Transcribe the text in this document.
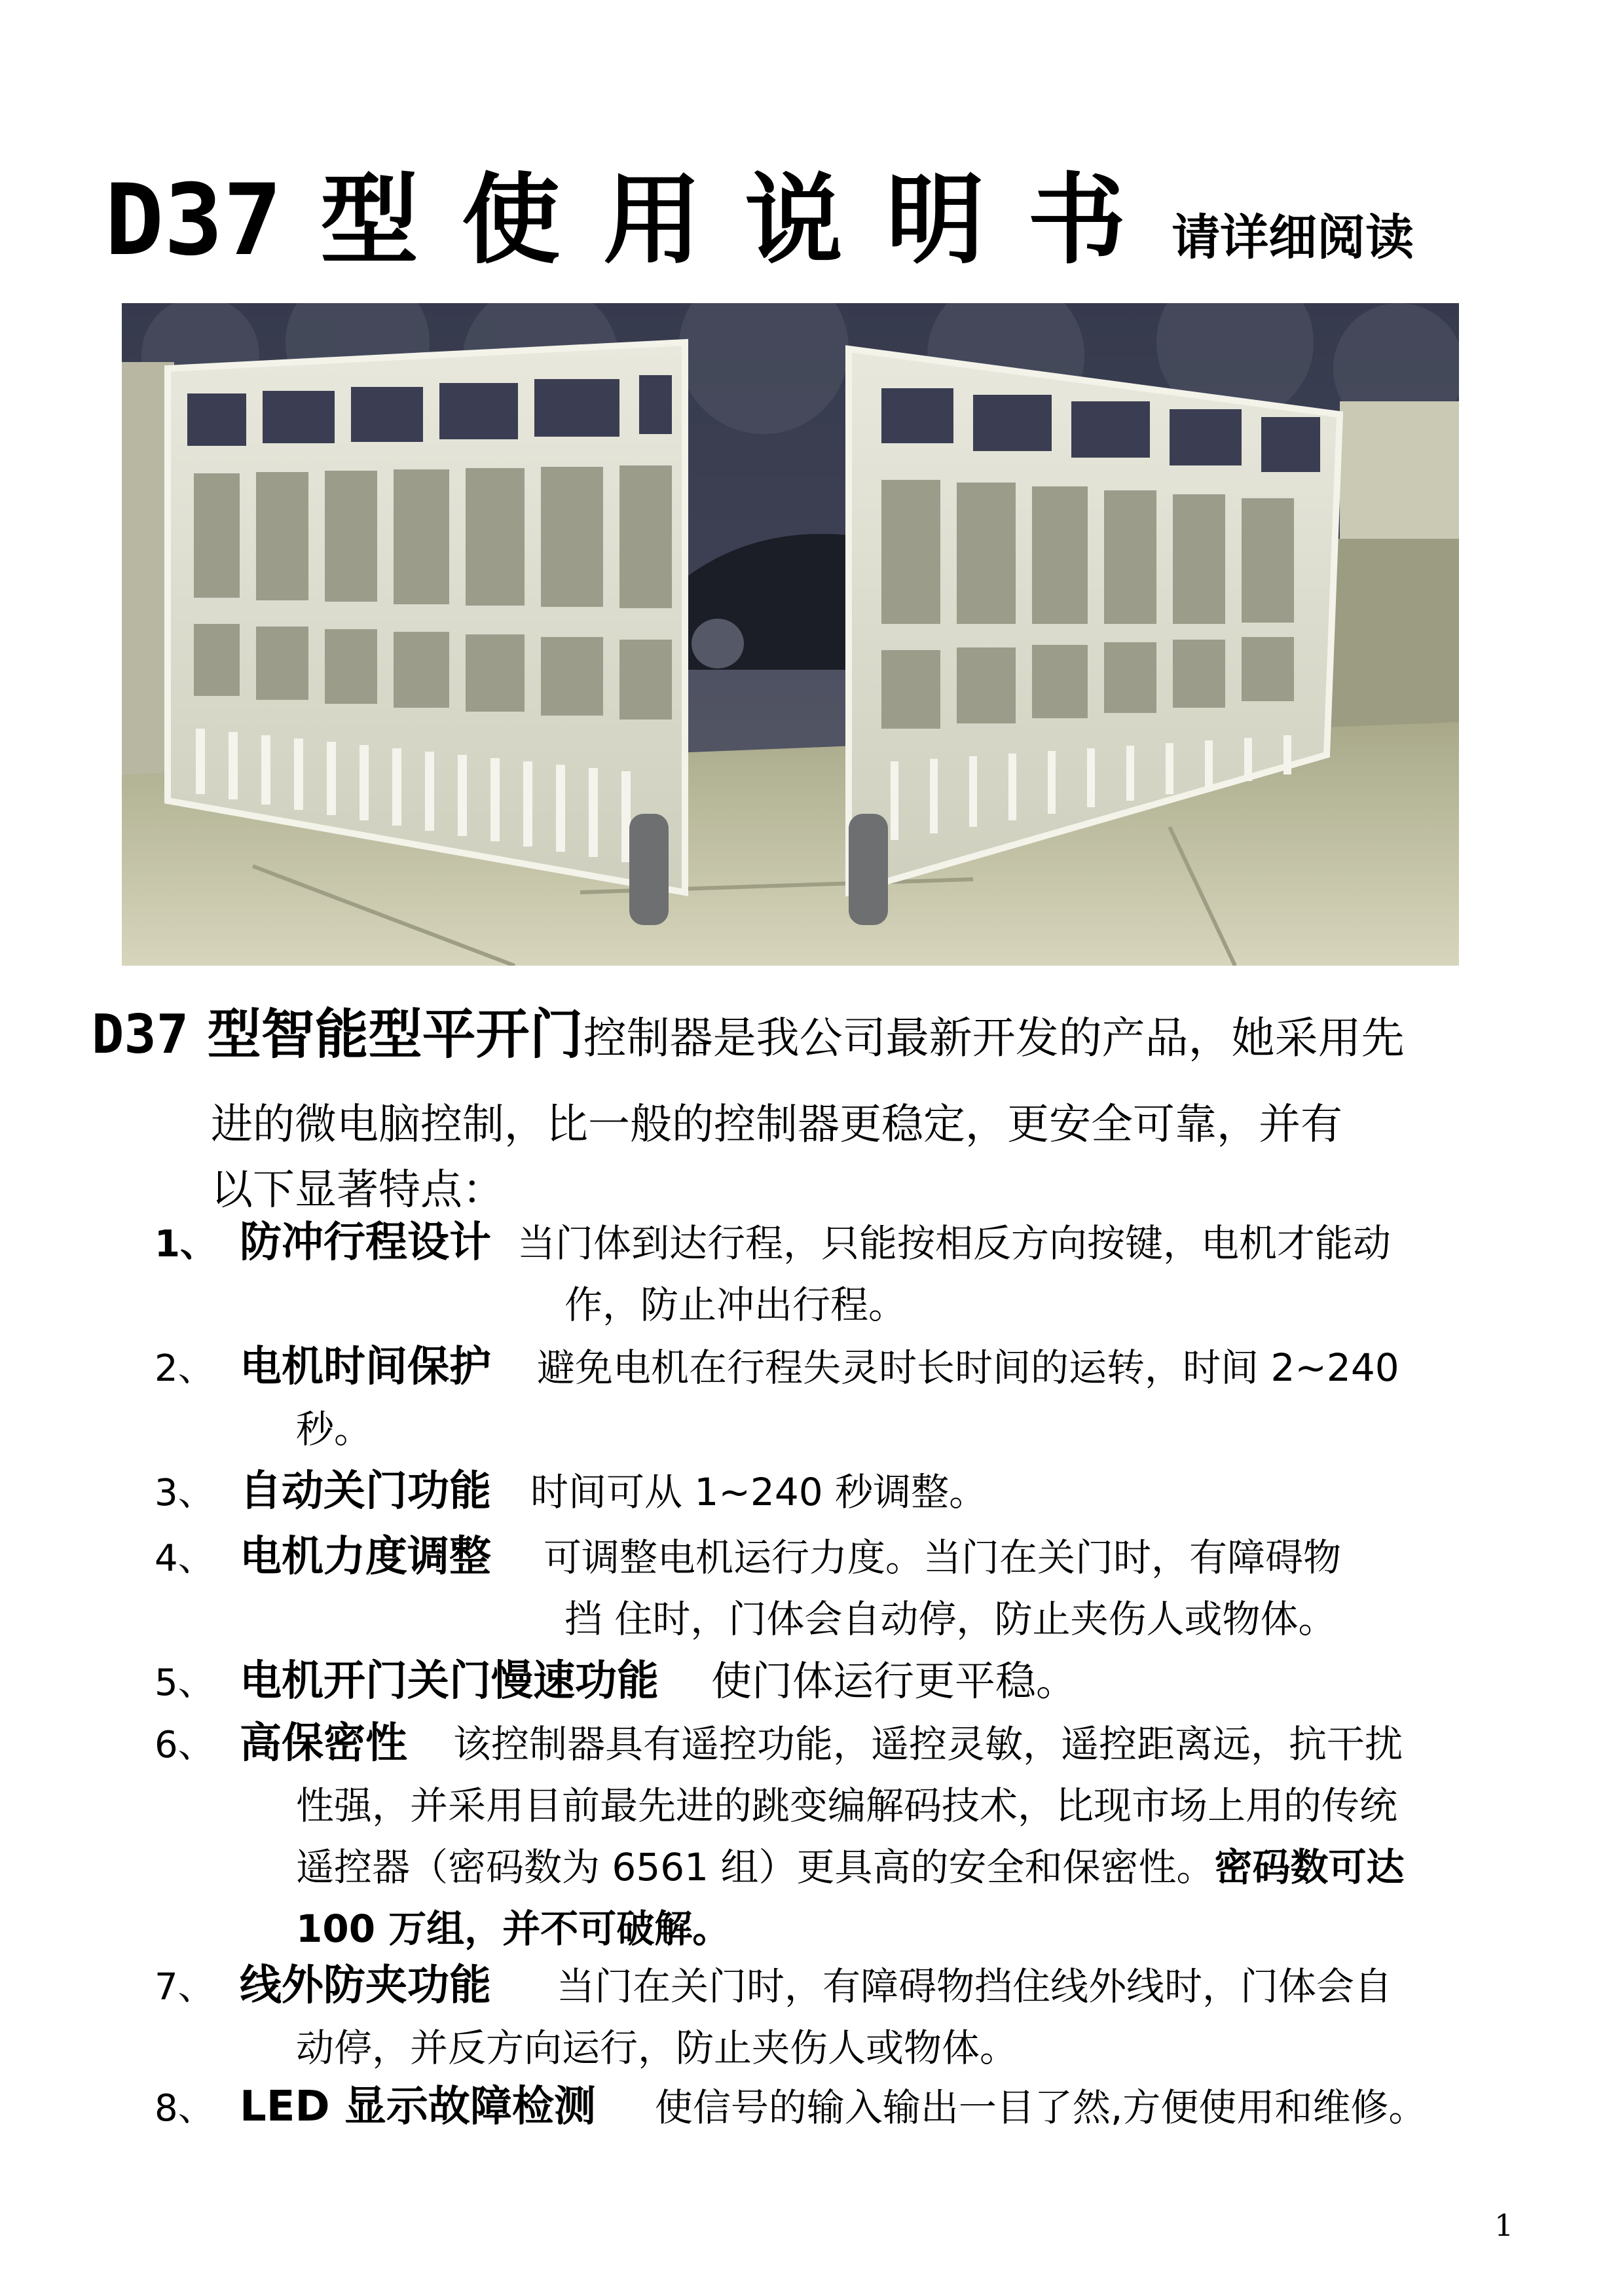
D37 型使用说明书请详细阅读
D37 型智能型平开门控制器是我公司最新开发的产品，她采用先
进的微电脑控制，比一般的控制器更稳定，更安全可靠，并有
以下显著特点：
1、 防冲行程设计 当门体到达行程，只能按相反方向按键，电机才能动
作，防止冲出行程。
2、 电机时间保护 避免电机在行程失灵时长时间的运转，时间 2~240
秒。
3、 自动关门功能 时间可从 1~240 秒调整。
4、 电机力度调整 可调整电机运行力度。当门在关门时，有障碍物
挡 住时，门体会自动停，防止夹伤人或物体。
5、 电机开门关门慢速功能 使门体运行更平稳。
6、 高保密性 该控制器具有遥控功能，遥控灵敏，遥控距离远，抗干扰
性强，并采用目前最先进的跳变编解码技术，比现市场上用的传统
遥控器（密码数为 6561 组）更具高的安全和保密性。密码数可达
100 万组，并不可破解。
7、 线外防夹功能 当门在关门时，有障碍物挡住线外线时，门体会自
动停，并反方向运行，防止夹伤人或物体。
8、 LED 显示故障检测 使信号的输入输出一目了然,方便使用和维修。
1
